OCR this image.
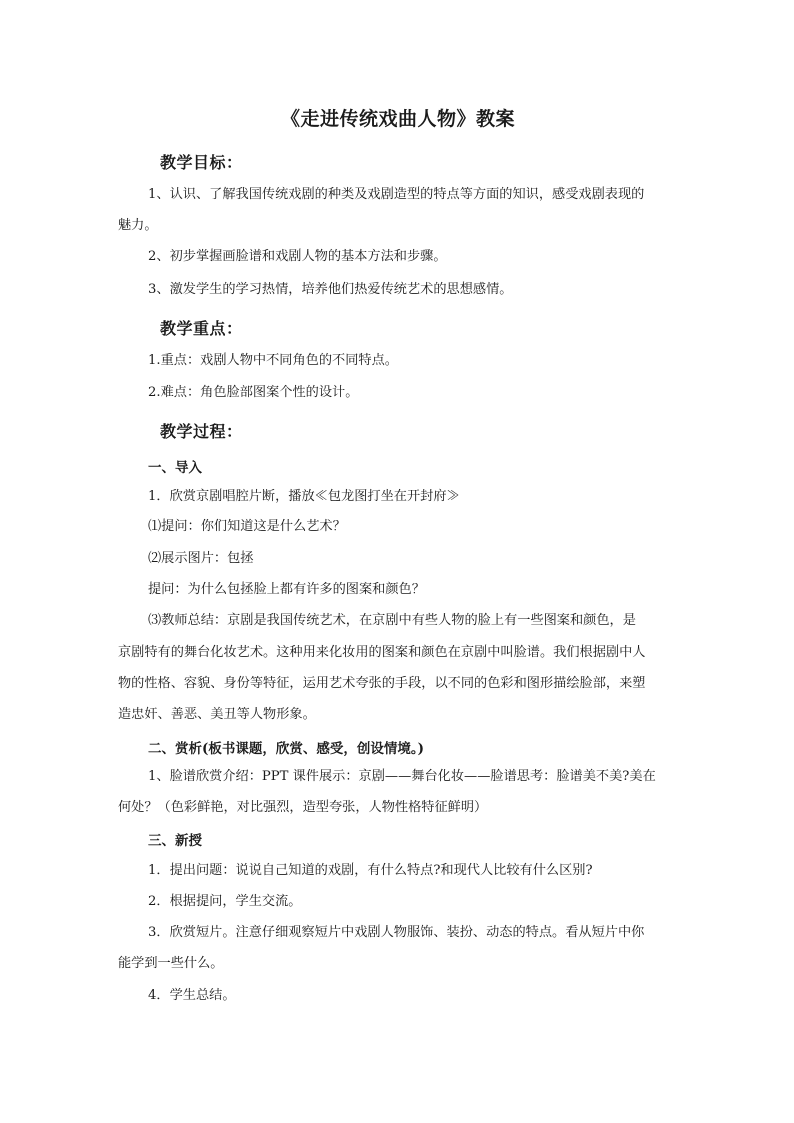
《走进传统戏曲人物》教案
教学目标：
1、认识、了解我国传统戏剧的种类及戏剧造型的特点等方面的知识，感受戏剧表现的
魅力。
2、初步掌握画脸谱和戏剧人物的基本方法和步骤。
3、激发学生的学习热情，培养他们热爱传统艺术的思想感情。
教学重点：
1.重点：戏剧人物中不同角色的不同特点。
2.难点：角色脸部图案个性的设计。
教学过程：
一、导入
1．欣赏京剧唱腔片断，播放≪包龙图打坐在开封府≫
⑴提问：你们知道这是什么艺术？
⑵展示图片：包拯
提问：为什么包拯脸上都有许多的图案和颜色？
⑶教师总结：京剧是我国传统艺术，在京剧中有些人物的脸上有一些图案和颜色，是
京剧特有的舞台化妆艺术。这种用来化妆用的图案和颜色在京剧中叫脸谱。我们根据剧中人
物的性格、容貌、身份等特征，运用艺术夸张的手段，以不同的色彩和图形描绘脸部，来塑
造忠奸、善恶、美丑等人物形象。
二、赏析(板书课题，欣赏、感受，创设情境。)
1、脸谱欣赏介绍：PPT 课件展示：京剧——舞台化妆——脸谱思考：脸谱美不美?美在
何处？（色彩鲜艳，对比强烈，造型夸张，人物性格特征鲜明）
三、新授
1．提出问题：说说自己知道的戏剧，有什么特点?和现代人比较有什么区别?
2．根据提问，学生交流。
3．欣赏短片。注意仔细观察短片中戏剧人物服饰、装扮、动态的特点。看从短片中你
能学到一些什么。
4．学生总结。
